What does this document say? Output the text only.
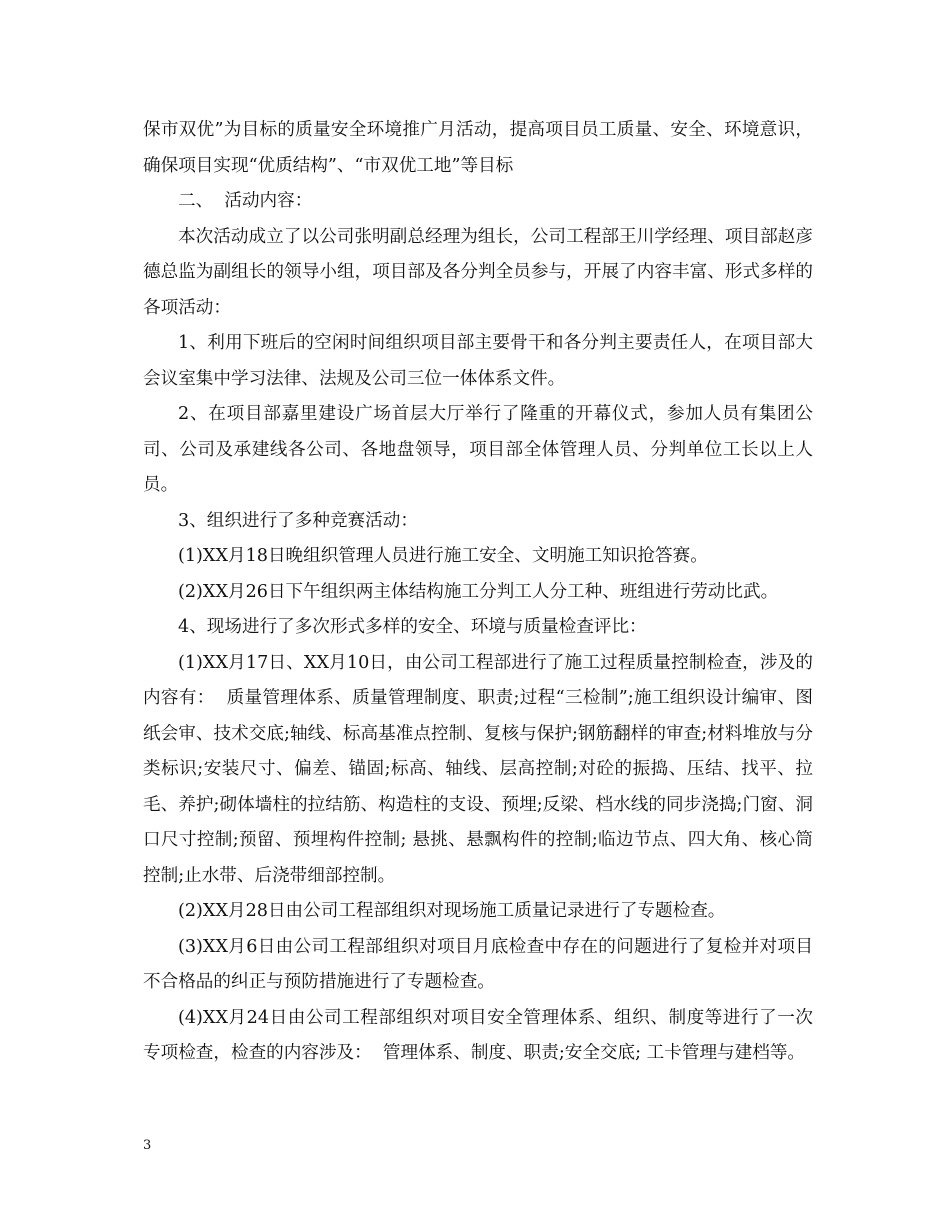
保市双优”为目标的质量安全环境推广月活动，提高项目员工质量、安全、环境意识，确保项目实现“优质结构”、“市双优工地”等目标

二、  活动内容：

本次活动成立了以公司张明副总经理为组长，公司工程部王川学经理、项目部赵彦德总监为副组长的领导小组，项目部及各分判全员参与，开展了内容丰富、形式多样的各项活动：

1、利用下班后的空闲时间组织项目部主要骨干和各分判主要责任人，在项目部大会议室集中学习法律、法规及公司三位一体体系文件。

2、在项目部嘉里建设广场首层大厅举行了隆重的开幕仪式，参加人员有集团公司、公司及承建线各公司、各地盘领导，项目部全体管理人员、分判单位工长以上人员。

3、组织进行了多种竞赛活动：

(1)XX月18日晚组织管理人员进行施工安全、文明施工知识抢答赛。

(2)XX月26日下午组织两主体结构施工分判工人分工种、班组进行劳动比武。

4、现场进行了多次形式多样的安全、环境与质量检查评比：

(1)XX月17日、XX月10日，由公司工程部进行了施工过程质量控制检查，涉及的内容有：  质量管理体系、质量管理制度、职责;过程“三检制”;施工组织设计编审、图纸会审、技术交底;轴线、标高基准点控制、复核与保护;钢筋翻样的审查;材料堆放与分类标识;安装尺寸、偏差、锚固;标高、轴线、层高控制;对砼的振捣、压结、找平、拉毛、养护;砌体墙柱的拉结筋、构造柱的支设、预埋;反梁、档水线的同步浇捣;门窗、洞口尺寸控制;预留、预埋构件控制; 悬挑、悬飘构件的控制;临边节点、四大角、核心筒控制;止水带、后浇带细部控制。

(2)XX月28日由公司工程部组织对现场施工质量记录进行了专题检查。

(3)XX月6日由公司工程部组织对项目月底检查中存在的问题进行了复检并对项目不合格品的纠正与预防措施进行了专题检查。

(4)XX月24日由公司工程部组织对项目安全管理体系、组织、制度等进行了一次专项检查，检查的内容涉及：  管理体系、制度、职责;安全交底; 工卡管理与建档等。

3
